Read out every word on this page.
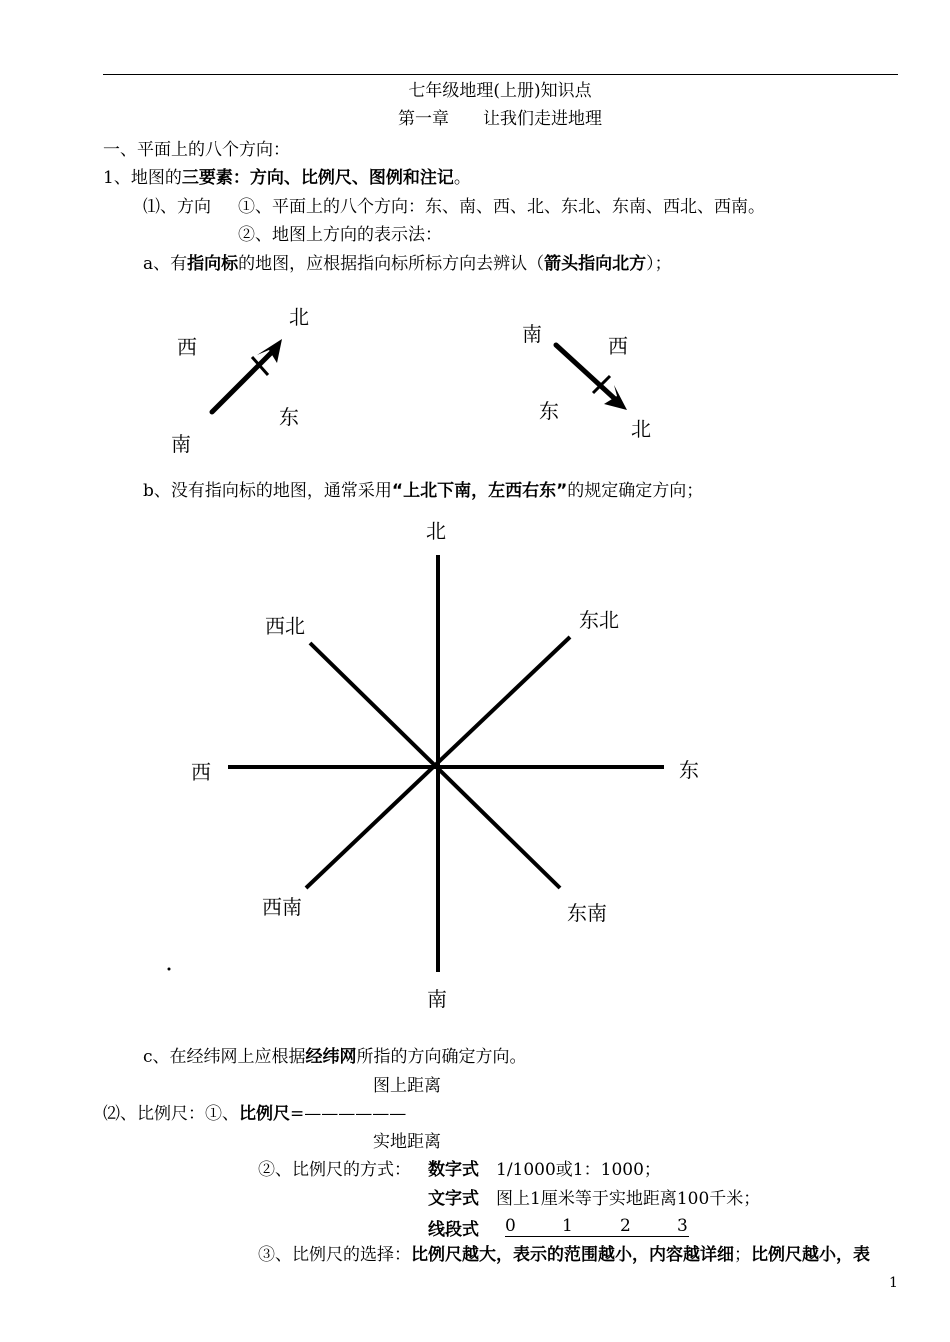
七年级地理(上册)知识点
第一章　　让我们走进地理
一、平面上的八个方向：
1、地图的三要素：方向、比例尺、图例和注记。
⑴、方向 ①、平面上的八个方向：东、南、西、北、东北、东南、西北、西南。
②、地图上方向的表示法：
a、有指向标的地图，应根据指向标所标方向去辨认（箭头指向北方）；
北
西
东
南
南	西
东
北
b、没有指向标的地图，通常采用“上北下南，左西右东”的规定确定方向；
北
西北	东北
西	东
西南	东南
南
c、在经纬网上应根据经纬网所指的方向确定方向。
图上距离
⑵、比例尺：①、比例尺=——————
实地距离
②、比例尺的方式： 数字式 1/1000或1：1000；
文字式 图上1厘米等于实地距离100千米；
线段式 0	1	2	3
③、比例尺的选择：比例尺越大，表示的范围越小，内容越详细；比例尺越小，表
1
